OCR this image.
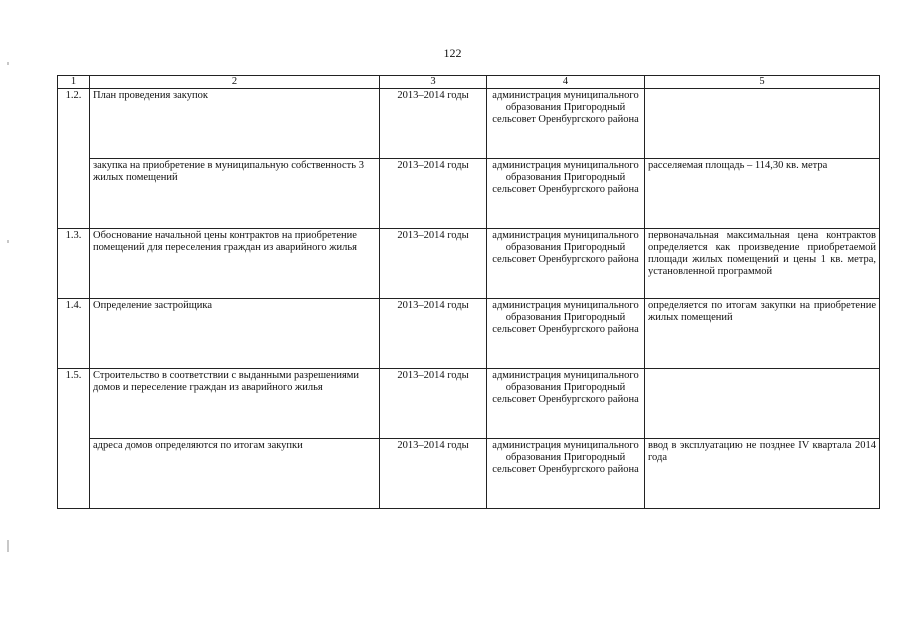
122
1	2	3	4	5
1.2.	План проведения закупок	2013–2014 годы	администрация муниципального образования Пригородный сельсовет Оренбургского района	
	закупка на приобретение в муниципальную собственность 3 жилых помещений	2013–2014 годы	администрация муниципального образования Пригородный сельсовет Оренбургского района	расселяемая площадь – 114,30 кв. метра
1.3.	Обоснование начальной цены контрактов на приобретение помещений для переселения граждан из аварийного жилья	2013–2014 годы	администрация муниципального образования Пригородный сельсовет Оренбургского района	первоначальная максимальная цена контрактов определяется как произведение приобретаемой площади жилых помещений и цены 1 кв. метра, установленной программой
1.4.	Определение застройщика	2013–2014 годы	администрация муниципального образования Пригородный сельсовет Оренбургского района	определяется по итогам закупки на приобретение жилых помещений
1.5.	Строительство в соответствии с выданными разрешениями домов и переселение граждан из аварийного жилья	2013–2014 годы	администрация муниципального образования Пригородный сельсовет Оренбургского района	
	адреса домов определяются по итогам закупки	2013–2014 годы	администрация муниципального образования Пригородный сельсовет Оренбургского района	ввод в эксплуатацию не позднее IV квартала 2014 года
